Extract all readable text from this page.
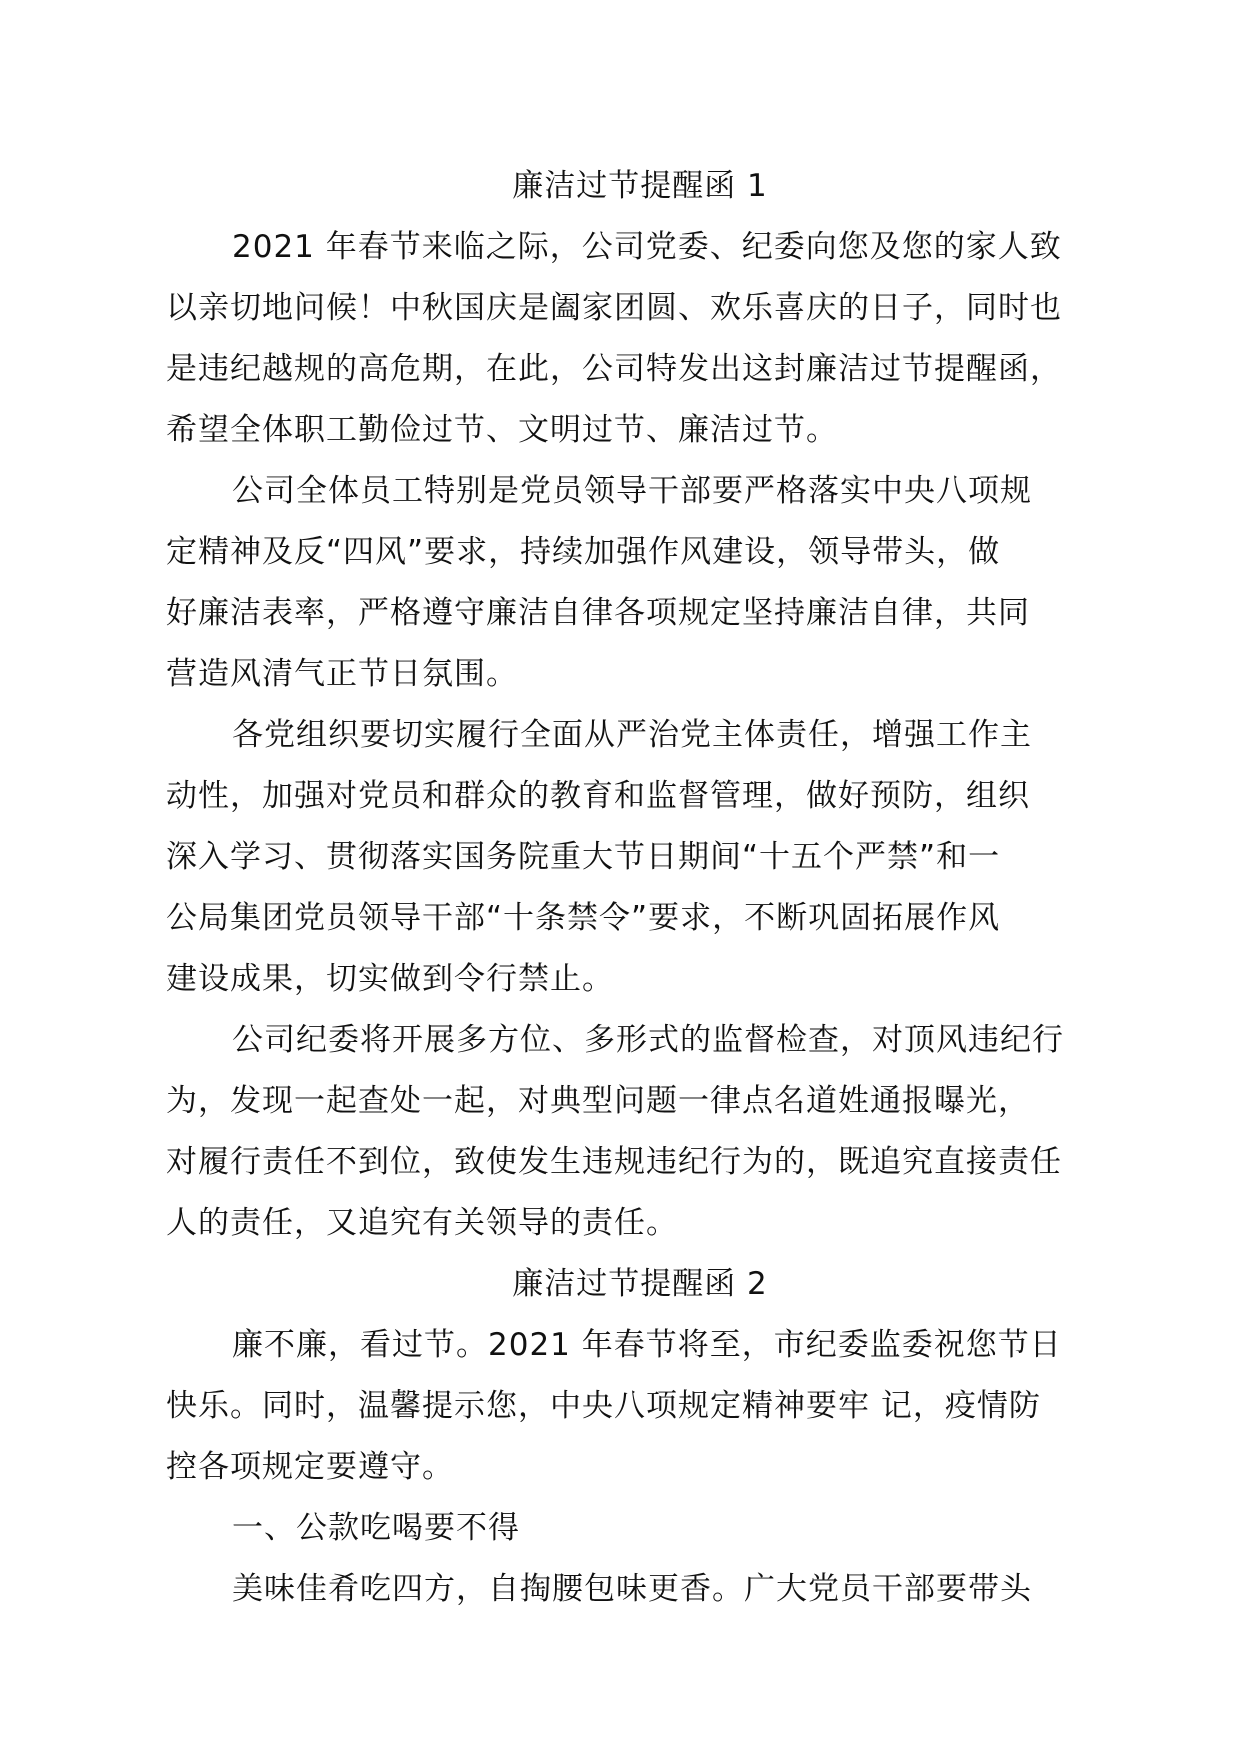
廉洁过节提醒函 1

2021 年春节来临之际，公司党委、纪委向您及您的家人致
以亲切地问候！中秋国庆是阖家团圆、欢乐喜庆的日子，同时也
是违纪越规的高危期，在此，公司特发出这封廉洁过节提醒函，
希望全体职工勤俭过节、文明过节、廉洁过节。

公司全体员工特别是党员领导干部要严格落实中央八项规
定精神及反“四风”要求，持续加强作风建设，领导带头，做
好廉洁表率，严格遵守廉洁自律各项规定坚持廉洁自律，共同
营造风清气正节日氛围。

各党组织要切实履行全面从严治党主体责任，增强工作主
动性，加强对党员和群众的教育和监督管理，做好预防，组织
深入学习、贯彻落实国务院重大节日期间“十五个严禁”和一
公局集团党员领导干部“十条禁令”要求，不断巩固拓展作风
建设成果，切实做到令行禁止。

公司纪委将开展多方位、多形式的监督检查，对顶风违纪行
为，发现一起查处一起，对典型问题一律点名道姓通报曝光，
对履行责任不到位，致使发生违规违纪行为的，既追究直接责任
人的责任，又追究有关领导的责任。

廉洁过节提醒函 2

廉不廉，看过节。2021 年春节将至，市纪委监委祝您节日
快乐。同时，温馨提示您，中央八项规定精神要牢 记，疫情防
控各项规定要遵守。

一、公款吃喝要不得

美味佳肴吃四方，自掏腰包味更香。广大党员干部要带头
